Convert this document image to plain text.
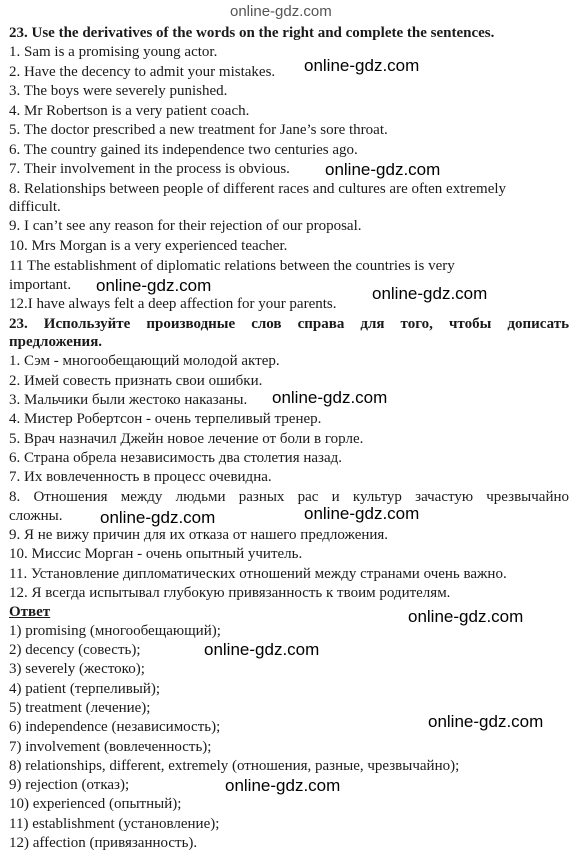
online-gdz.com
online-gdz.com
online-gdz.com
online-gdz.com	online-gdz.com
online-gdz.com
online-gdz.com	online-gdz.com
online-gdz.com
online-gdz.com
online-gdz.com
online-gdz.com
23. Use the derivatives of the words on the right and complete the sentences.
1. Sam is a promising young actor.
2. Have the decency to admit your mistakes.
3. The boys were severely punished.
4. Mr Robertson is a very patient coach.
5. The doctor prescribed a new treatment for Jane’s sore throat.
6. The country gained its independence two centuries ago.
7. Their involvement in the process is obvious.
8. Relationships between people of different races and cultures are often extremely
difficult.
9. I can’t see any reason for their rejection of our proposal.
10. Mrs Morgan is a very experienced teacher.
11 The establishment of diplomatic relations between the countries is very
important.
12.I have always felt a deep affection for your parents.
23. Используйте производные слов справа для того, чтобы дописать
предложения.
1. Сэм - многообещающий молодой актер.
2. Имей совесть признать свои ошибки.
3. Мальчики были жестоко наказаны.
4. Мистер Робертсон - очень терпеливый тренер.
5. Врач назначил Джейн новое лечение от боли в горле.
6. Страна обрела независимость два столетия назад.
7. Их вовлеченность в процесс очевидна.
8. Отношения между людьми разных рас и культур зачастую чрезвычайно
сложны.
9. Я не вижу причин для их отказа от нашего предложения.
10. Миссис Морган - очень опытный учитель.
11. Установление дипломатических отношений между странами очень важно.
12. Я всегда испытывал глубокую привязанность к твоим родителям.
Ответ
1) promising (многообещающий);
2) decency (совесть);
3) severely (жестоко);
4) patient (терпеливый);
5) treatment (лечение);
6) independence (независимость);
7) involvement (вовлеченность);
8) relationships, different, extremely (отношения, разные, чрезвычайно);
9) rejection (отказ);
10) experienced (опытный);
11) establishment (установление);
12) affection (привязанность).
